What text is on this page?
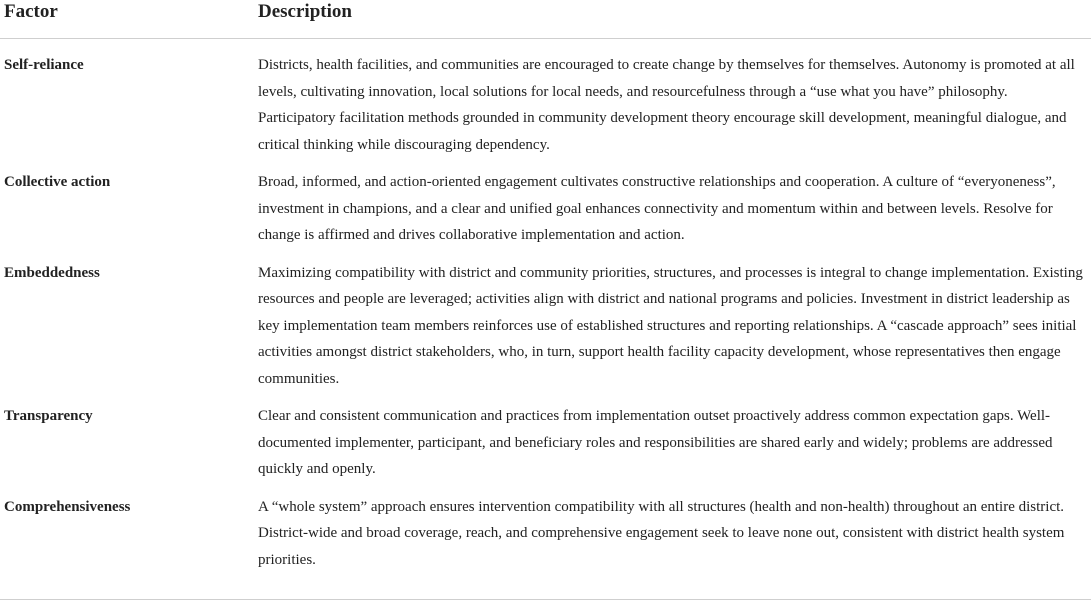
Factor	Description
Self-reliance	Districts, health facilities, and communities are encouraged to create change by themselves for themselves. Autonomy is promoted at all levels, cultivating innovation, local solutions for local needs, and resourcefulness through a “use what you have” philosophy. Participatory facilitation methods grounded in community development theory encourage skill development, meaningful dialogue, and critical thinking while discouraging dependency.
Collective action	Broad, informed, and action-oriented engagement cultivates constructive relationships and cooperation. A culture of “everyoneness”, investment in champions, and a clear and unified goal enhances connectivity and momentum within and between levels. Resolve for change is affirmed and drives collaborative implementation and action.
Embeddedness	Maximizing compatibility with district and community priorities, structures, and processes is integral to change implementation. Existing resources and people are leveraged; activities align with district and national programs and policies. Investment in district leadership as key implementation team members reinforces use of established structures and reporting relationships. A “cascade approach” sees initial activities amongst district stakeholders, who, in turn, support health facility capacity development, whose representatives then engage communities.
Transparency	Clear and consistent communication and practices from implementation outset proactively address common expectation gaps. Well-documented implementer, participant, and beneficiary roles and responsibilities are shared early and widely; problems are addressed quickly and openly.
Comprehensiveness	A “whole system” approach ensures intervention compatibility with all structures (health and non-health) throughout an entire district. District-wide and broad coverage, reach, and comprehensive engagement seek to leave none out, consistent with district health system priorities.
